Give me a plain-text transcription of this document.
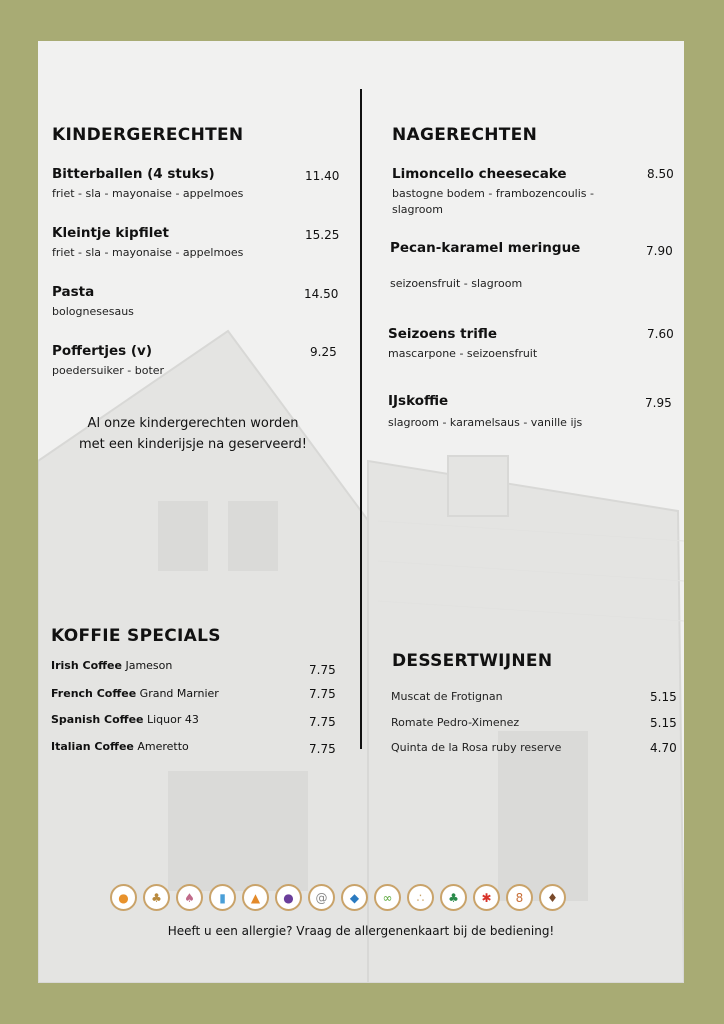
KINDERGERECHTEN
Bitterballen (4 stuks)
friet - sla - mayonaise - appelmoes
11.40
Kleintje kipfilet
friet - sla - mayonaise - appelmoes
15.25
Pasta
bolognesesaus
14.50
Poffertjes (v)
poedersuiker - boter
9.25
Al onze kindergerechten worden met een kinderijsje na geserveerd!
NAGERECHTEN
Limoncello cheesecake
bastogne bodem - frambozencoulis - slagroom
8.50
Pecan-karamel meringue
seizoensfruit - slagroom
7.90
Seizoens trifle
mascarpone - seizoensfruit
7.60
IJskoffie
slagroom - karamelsaus - vanille ijs
7.95
KOFFIE SPECIALS
Irish Coffee Jameson	7.75
French Coffee Grand Marnier	7.75
Spanish Coffee Liquor 43	7.75
Italian Coffee Ameretto	7.75
DESSERTWIJNEN
Muscat de Frotignan	5.15
Romate Pedro-Ximenez	5.15
Quinta de la Rosa ruby reserve	4.70
●	♣	♠	▮	▲	●	@	◆	∞	∴	♣	✱	8	♦
Heeft u een allergie? Vraag de allergenenkaart bij de bediening!
